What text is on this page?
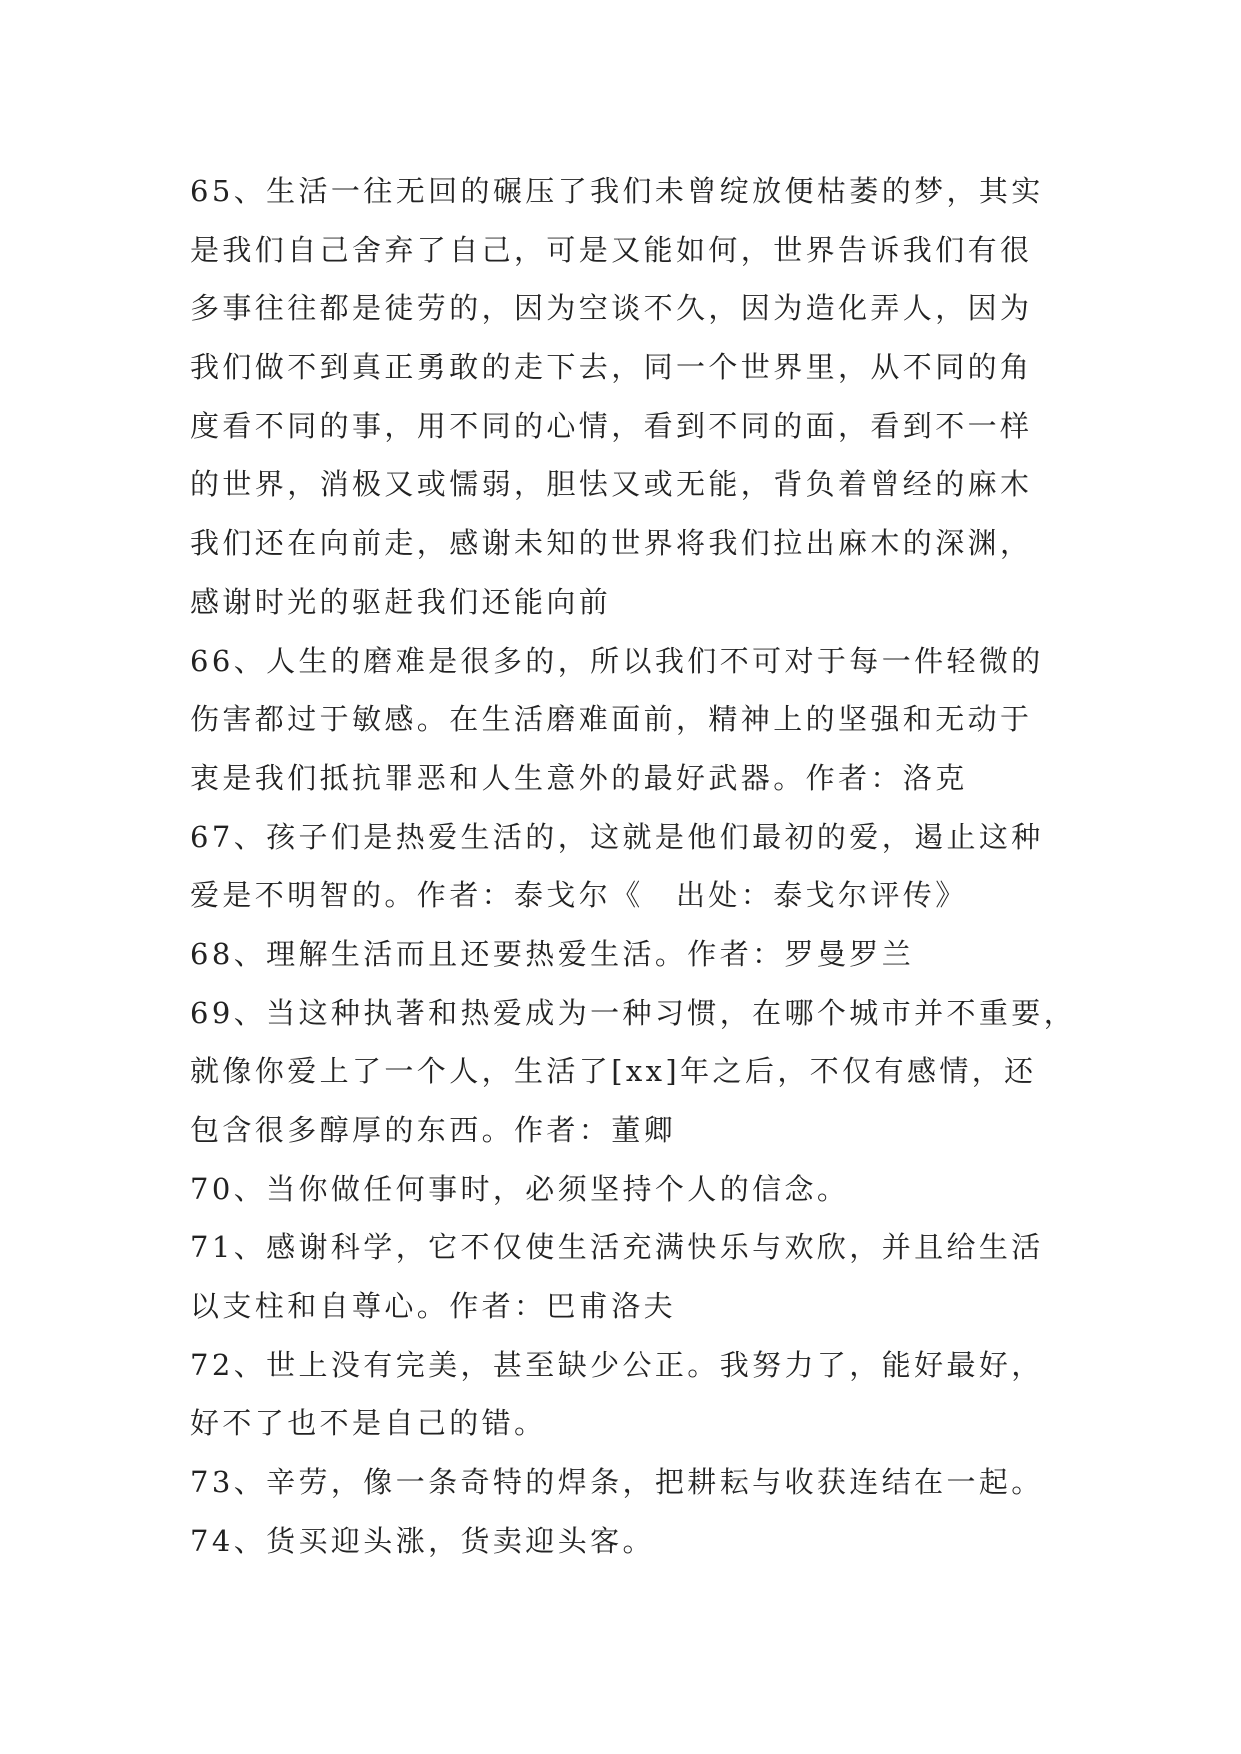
65、生活一往无回的碾压了我们未曾绽放便枯萎的梦，其实
是我们自己舍弃了自己，可是又能如何，世界告诉我们有很
多事往往都是徒劳的，因为空谈不久，因为造化弄人，因为
我们做不到真正勇敢的走下去，同一个世界里，从不同的角
度看不同的事，用不同的心情，看到不同的面，看到不一样
的世界，消极又或懦弱，胆怯又或无能，背负着曾经的麻木
我们还在向前走，感谢未知的世界将我们拉出麻木的深渊，
感谢时光的驱赶我们还能向前
66、人生的磨难是很多的，所以我们不可对于每一件轻微的
伤害都过于敏感。在生活磨难面前，精神上的坚强和无动于
衷是我们抵抗罪恶和人生意外的最好武器。作者：洛克
67、孩子们是热爱生活的，这就是他们最初的爱，遏止这种
爱是不明智的。作者：泰戈尔《　出处：泰戈尔评传》
68、理解生活而且还要热爱生活。作者：罗曼罗兰
69、当这种执著和热爱成为一种习惯，在哪个城市并不重要，
就像你爱上了一个人，生活了[xx]年之后，不仅有感情，还
包含很多醇厚的东西。作者：董卿
70、当你做任何事时，必须坚持个人的信念。
71、感谢科学，它不仅使生活充满快乐与欢欣，并且给生活
以支柱和自尊心。作者：巴甫洛夫
72、世上没有完美，甚至缺少公正。我努力了，能好最好，
好不了也不是自己的错。
73、辛劳，像一条奇特的焊条，把耕耘与收获连结在一起。
74、货买迎头涨，货卖迎头客。
